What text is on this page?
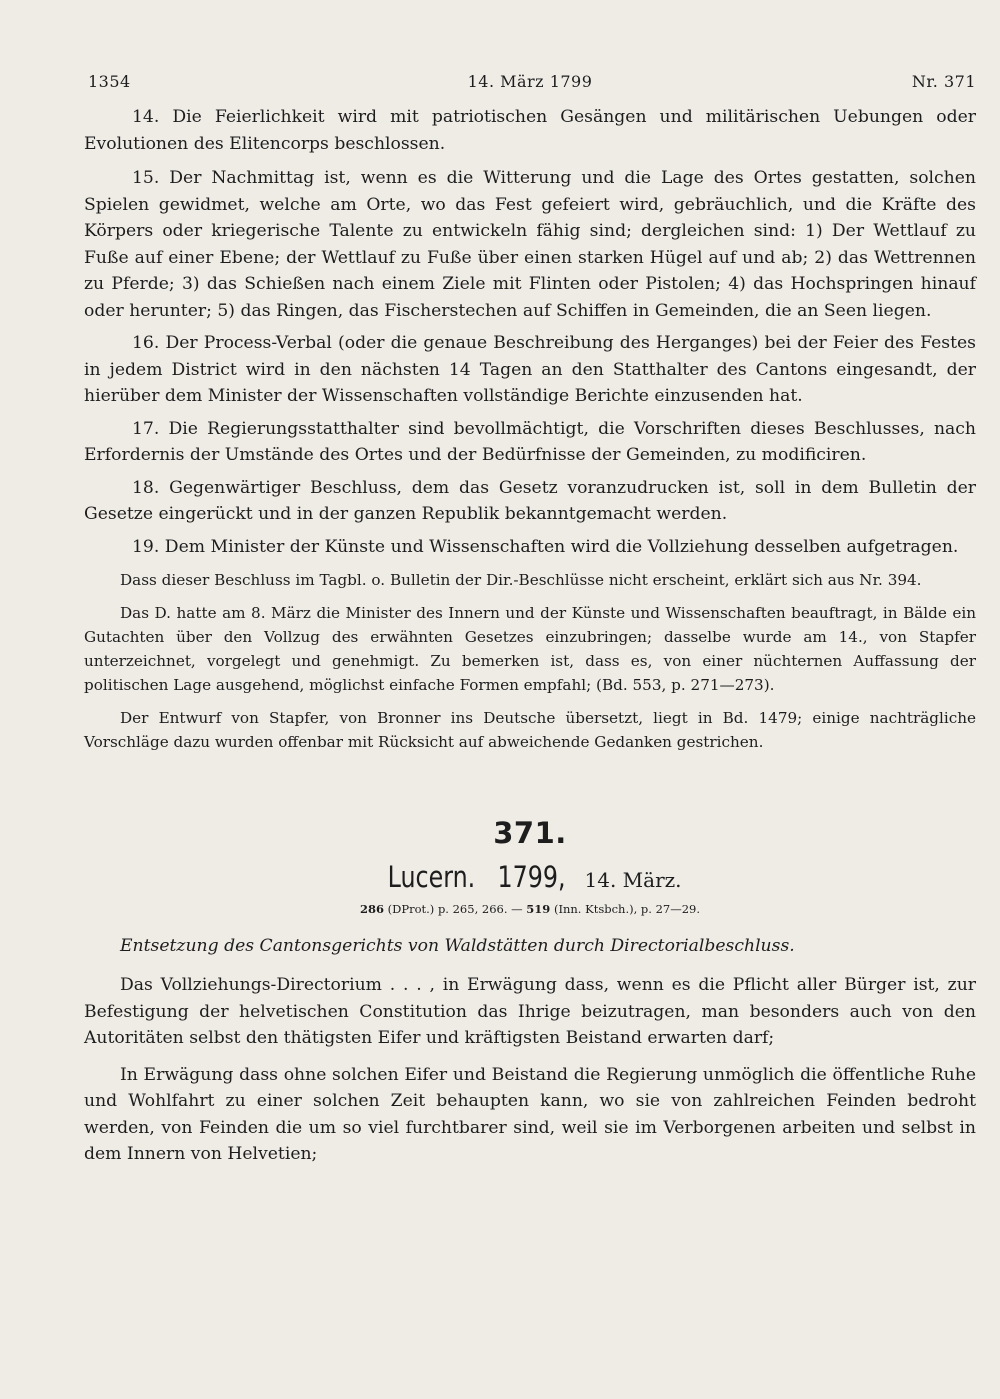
1354	14. März 1799	Nr. 371

14. Die Feierlichkeit wird mit patriotischen Gesängen und militärischen Uebungen oder Evolutionen des Elitencorps beschlossen.

15. Der Nachmittag ist, wenn es die Witterung und die Lage des Ortes gestatten, solchen Spielen gewidmet, welche am Orte, wo das Fest gefeiert wird, gebräuchlich, und die Kräfte des Körpers oder kriegerische Talente zu entwickeln fähig sind; dergleichen sind: 1) Der Wettlauf zu Fuße auf einer Ebene; der Wettlauf zu Fuße über einen starken Hügel auf und ab; 2) das Wettrennen zu Pferde; 3) das Schießen nach einem Ziele mit Flinten oder Pistolen; 4) das Hochspringen hinauf oder herunter; 5) das Ringen, das Fischerstechen auf Schiffen in Gemeinden, die an Seen liegen.

16. Der Process-Verbal (oder die genaue Beschreibung des Herganges) bei der Feier des Festes in jedem District wird in den nächsten 14 Tagen an den Statthalter des Cantons eingesandt, der hierüber dem Minister der Wissenschaften vollständige Berichte einzusenden hat.

17. Die Regierungsstatthalter sind bevollmächtigt, die Vorschriften dieses Beschlusses, nach Erfordernis der Umstände des Ortes und der Bedürfnisse der Gemeinden, zu modificiren.

18. Gegenwärtiger Beschluss, dem das Gesetz voranzudrucken ist, soll in dem Bulletin der Gesetze eingerückt und in der ganzen Republik bekanntgemacht werden.

19. Dem Minister der Künste und Wissenschaften wird die Vollziehung desselben aufgetragen.

Dass dieser Beschluss im Tagbl. o. Bulletin der Dir.-Beschlüsse nicht erscheint, erklärt sich aus Nr. 394.

Das D. hatte am 8. März die Minister des Innern und der Künste und Wissenschaften beauftragt, in Bälde ein Gutachten über den Vollzug des erwähnten Gesetzes einzubringen; dasselbe wurde am 14., von Stapfer unterzeichnet, vorgelegt und genehmigt. Zu bemerken ist, dass es, von einer nüchternen Auffassung der politischen Lage ausgehend, möglichst einfache Formen empfahl; (Bd. 553, p. 271—273).

Der Entwurf von Stapfer, von Bronner ins Deutsche übersetzt, liegt in Bd. 1479; einige nachträgliche Vorschläge dazu wurden offenbar mit Rücksicht auf abweichende Gedanken gestrichen.

371.
Lucern. 1799, 14. März.
286 (DProt.) p. 265, 266. — 519 (Inn. Ktsbch.), p. 27—29.

Entsetzung des Cantonsgerichts von Waldstätten durch Directorialbeschluss.

Das Vollziehungs-Directorium . . . , in Erwägung dass, wenn es die Pflicht aller Bürger ist, zur Befestigung der helvetischen Constitution das Ihrige beizutragen, man besonders auch von den Autoritäten selbst den thätigsten Eifer und kräftigsten Beistand erwarten darf;

In Erwägung dass ohne solchen Eifer und Beistand die Regierung unmöglich die öffentliche Ruhe und Wohlfahrt zu einer solchen Zeit behaupten kann, wo sie von zahlreichen Feinden bedroht werden, von Feinden die um so viel furchtbarer sind, weil sie im Verborgenen arbeiten und selbst in dem Innern von Helvetien;
